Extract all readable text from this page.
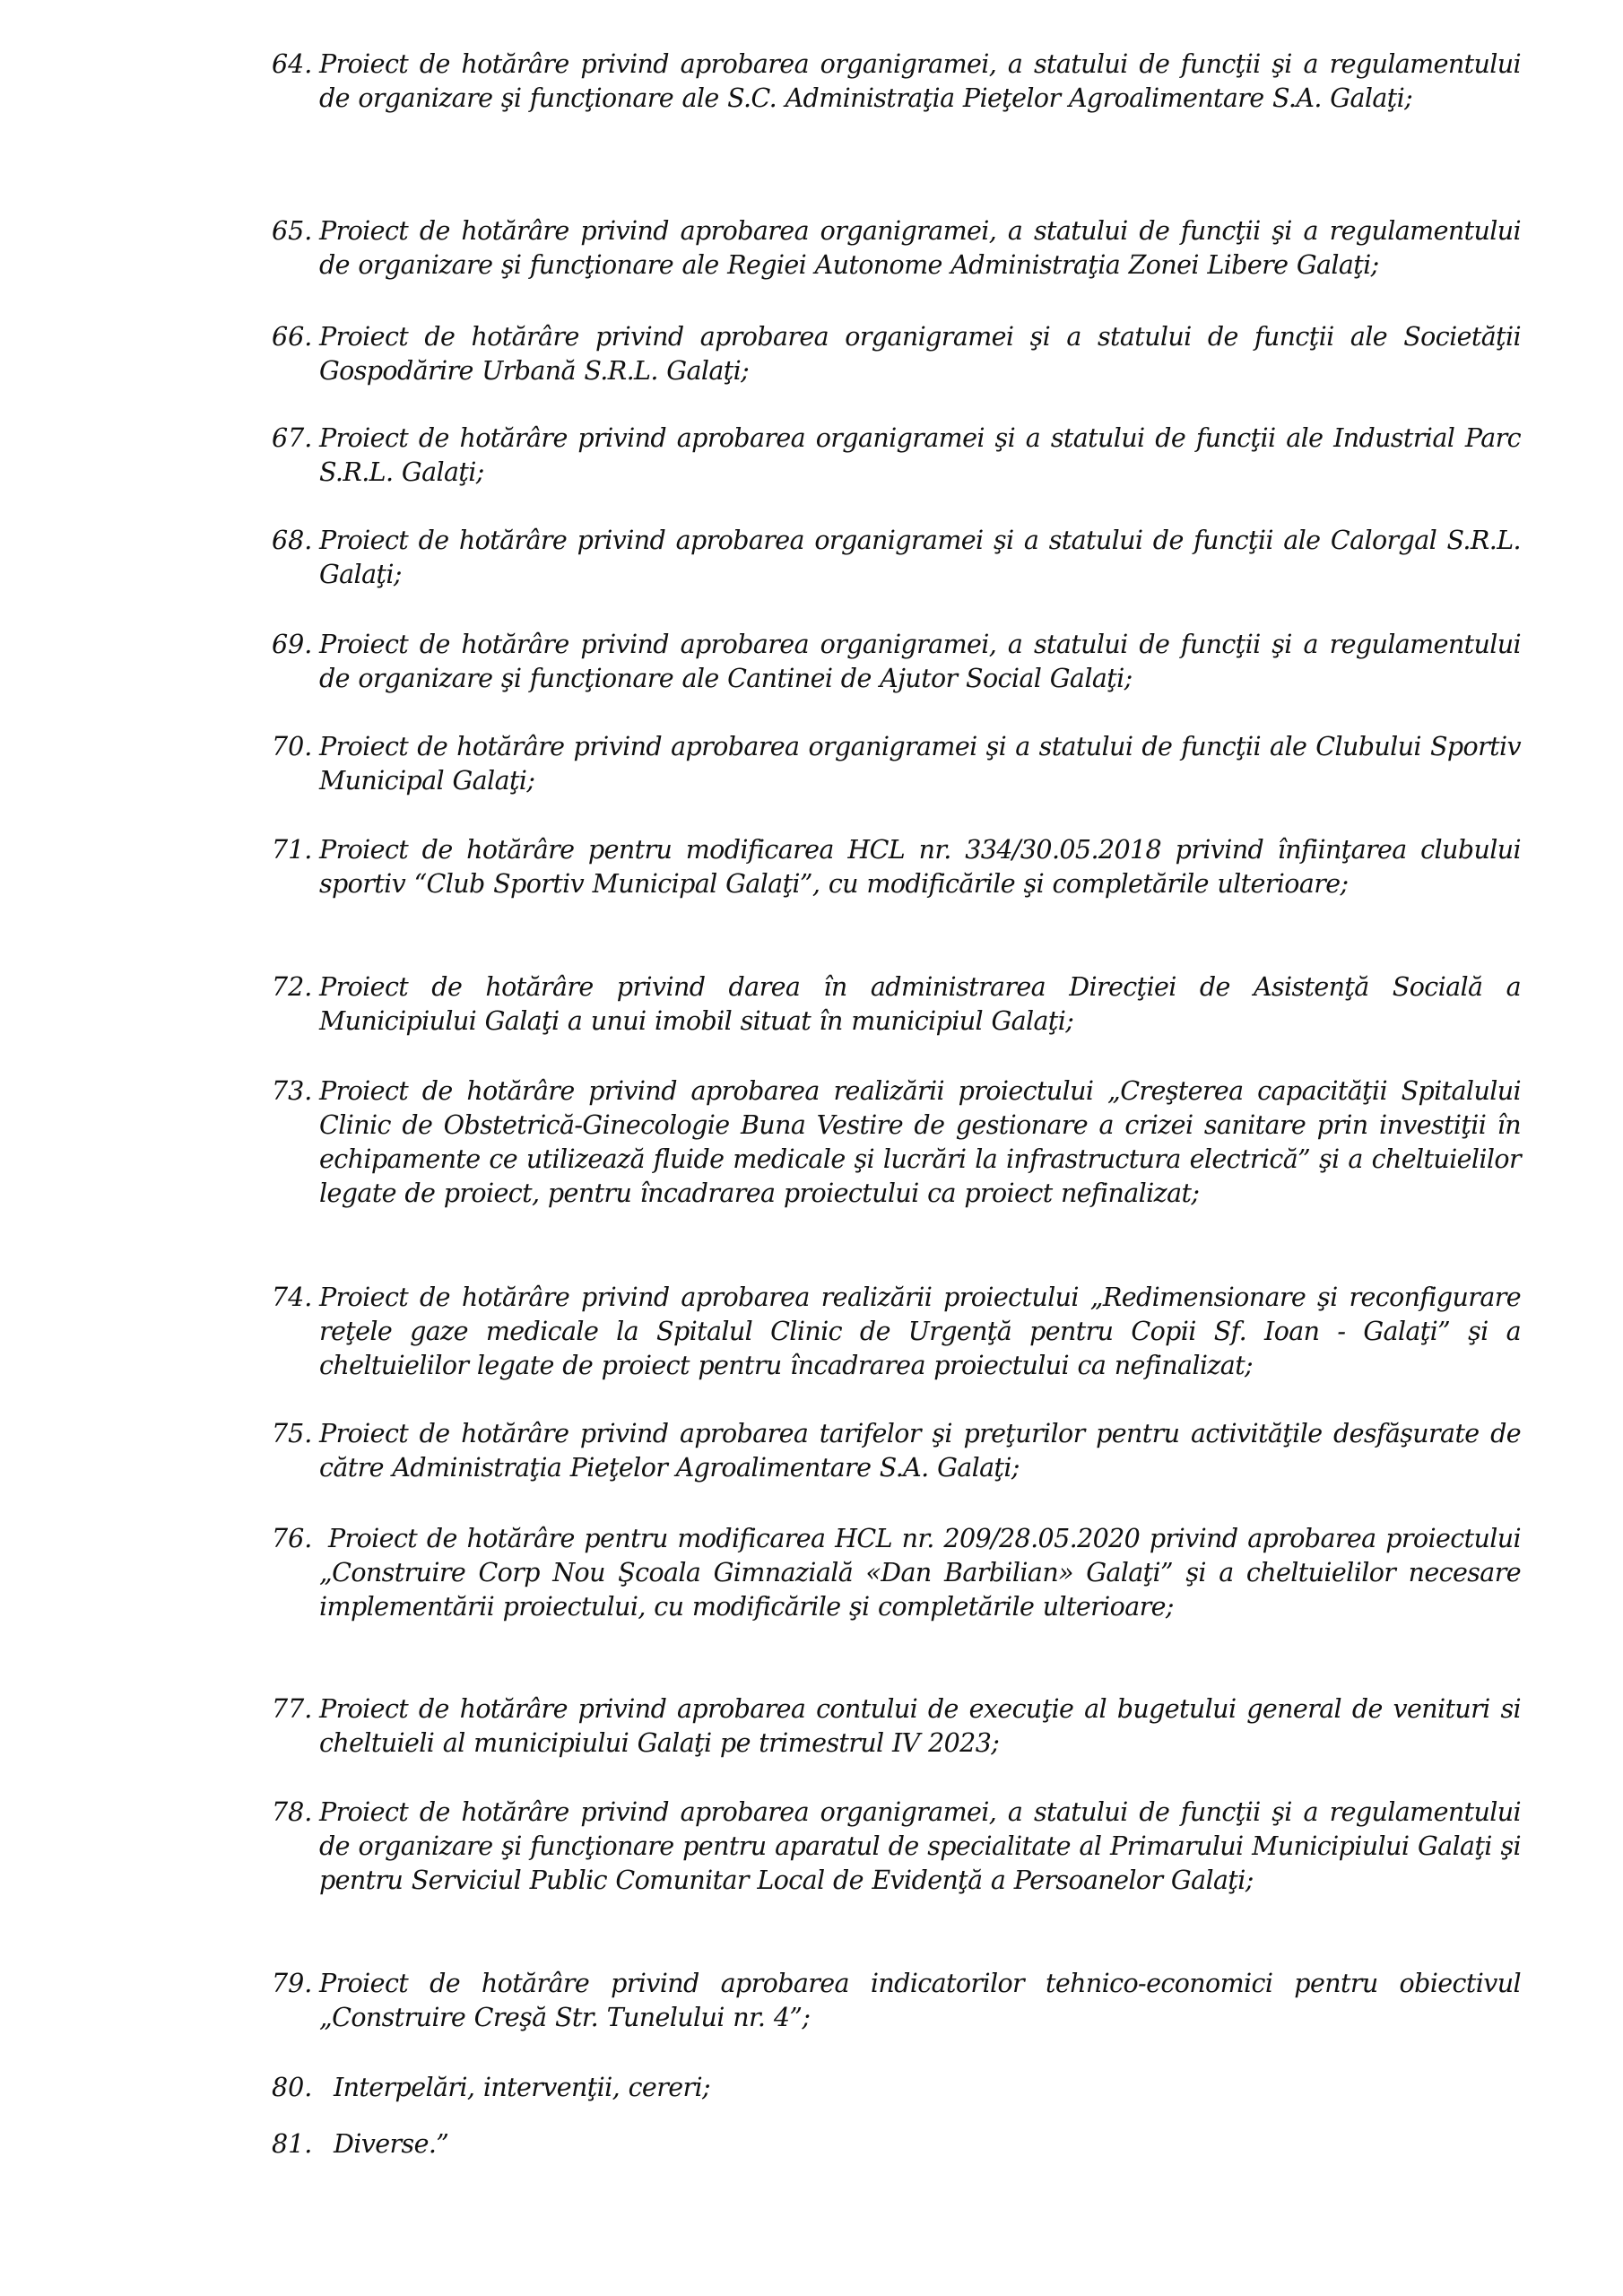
64. Proiect de hotărâre privind aprobarea organigramei, a statului de funcţii şi a regulamentului de organizare şi funcţionare ale S.C. Administraţia Pieţelor Agroalimentare S.A. Galaţi;
65. Proiect de hotărâre privind aprobarea organigramei, a statului de funcţii şi a regulamentului de organizare şi funcţionare ale Regiei Autonome Administraţia Zonei Libere Galaţi;
66. Proiect de hotărâre privind aprobarea organigramei şi a statului de funcţii ale Societăţii Gospodărire Urbană S.R.L. Galaţi;
67. Proiect de hotărâre privind aprobarea organigramei şi a statului de funcţii ale Industrial Parc S.R.L. Galaţi;
68. Proiect de hotărâre privind aprobarea organigramei şi a statului de funcţii ale Calorgal S.R.L. Galaţi;
69. Proiect de hotărâre privind aprobarea organigramei, a statului de funcţii şi a regulamentului de organizare şi funcţionare ale Cantinei de Ajutor Social Galaţi;
70. Proiect de hotărâre privind aprobarea organigramei şi a statului de funcţii ale Clubului Sportiv Municipal Galaţi;
71. Proiect de hotărâre pentru modificarea HCL nr. 334/30.05.2018 privind înfiinţarea clubului sportiv “Club Sportiv Municipal Galaţi”, cu modificările şi completările ulterioare;
72. Proiect de hotărâre privind darea în administrarea Direcţiei de Asistenţă Socială a Municipiului Galaţi a unui imobil situat în municipiul Galaţi;
73. Proiect de hotărâre privind aprobarea realizării proiectului „Creşterea capacităţii Spitalului Clinic de Obstetrică-Ginecologie Buna Vestire de gestionare a crizei sanitare prin investiţii în echipamente ce utilizează fluide medicale şi lucrări la infrastructura electrică” şi a cheltuielilor legate de proiect, pentru încadrarea proiectului ca proiect nefinalizat;
74. Proiect de hotărâre privind aprobarea realizării proiectului „Redimensionare şi reconfigurare reţele gaze medicale la Spitalul Clinic de Urgenţă pentru Copii Sf. Ioan - Galaţi” şi a cheltuielilor legate de proiect pentru încadrarea proiectului ca nefinalizat;
75. Proiect de hotărâre privind aprobarea tarifelor şi preţurilor pentru activităţile desfăşurate de către Administraţia Pieţelor Agroalimentare S.A. Galaţi;
76. Proiect de hotărâre pentru modificarea HCL nr. 209/28.05.2020 privind aprobarea proiectului „Construire Corp Nou Şcoala Gimnazială «Dan Barbilian» Galaţi” şi a cheltuielilor necesare implementării proiectului, cu modificările şi completările ulterioare;
77. Proiect de hotărâre privind aprobarea contului de execuţie al bugetului general de venituri si cheltuieli al municipiului Galaţi pe trimestrul IV 2023;
78. Proiect de hotărâre privind aprobarea organigramei, a statului de funcţii şi a regulamentului de organizare şi funcţionare pentru aparatul de specialitate al Primarului Municipiului Galaţi şi pentru Serviciul Public Comunitar Local de Evidenţă a Persoanelor Galaţi;
79. Proiect de hotărâre privind aprobarea indicatorilor tehnico-economici pentru obiectivul „Construire Creşă Str. Tunelului nr. 4”;
80. Interpelări, intervenţii, cereri;
81. Diverse.”
